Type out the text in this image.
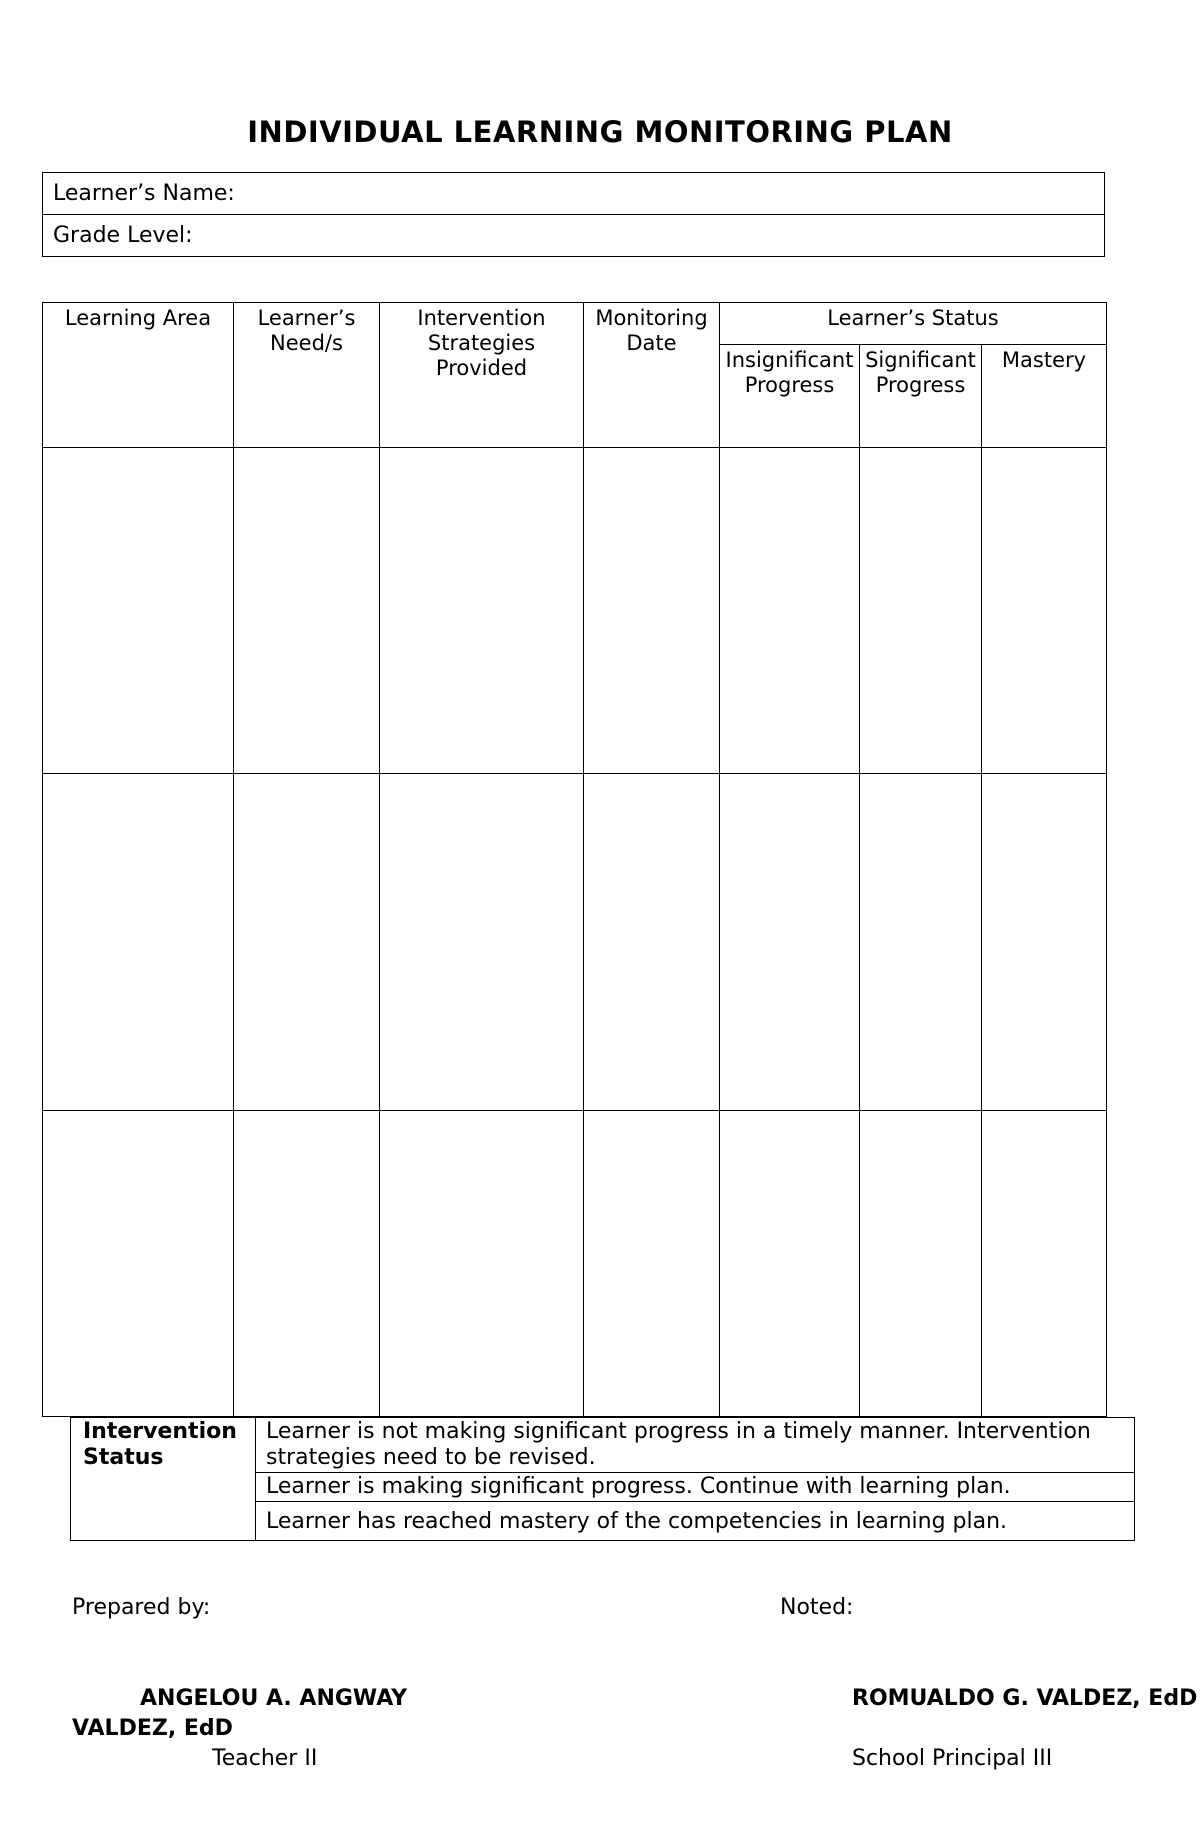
INDIVIDUAL LEARNING MONITORING PLAN
Learner’s Name:
Grade Level:
Learning Area	Learner’s Need/s	Intervention Strategies Provided	Monitoring Date	Learner’s Status		
				Insignificant Progress	Significant Progress	Mastery

Intervention Status	Learner is not making significant progress in a timely manner. Intervention strategies need to be revised.
Learner is making significant progress. Continue with learning plan.
Learner has reached mastery of the competencies in learning plan.
Prepared by:	Noted:
ANGELOU A. ANGWAY
VALDEZ, EdD
ROMUALDO G. VALDEZ, EdD
Teacher II	School Principal III
